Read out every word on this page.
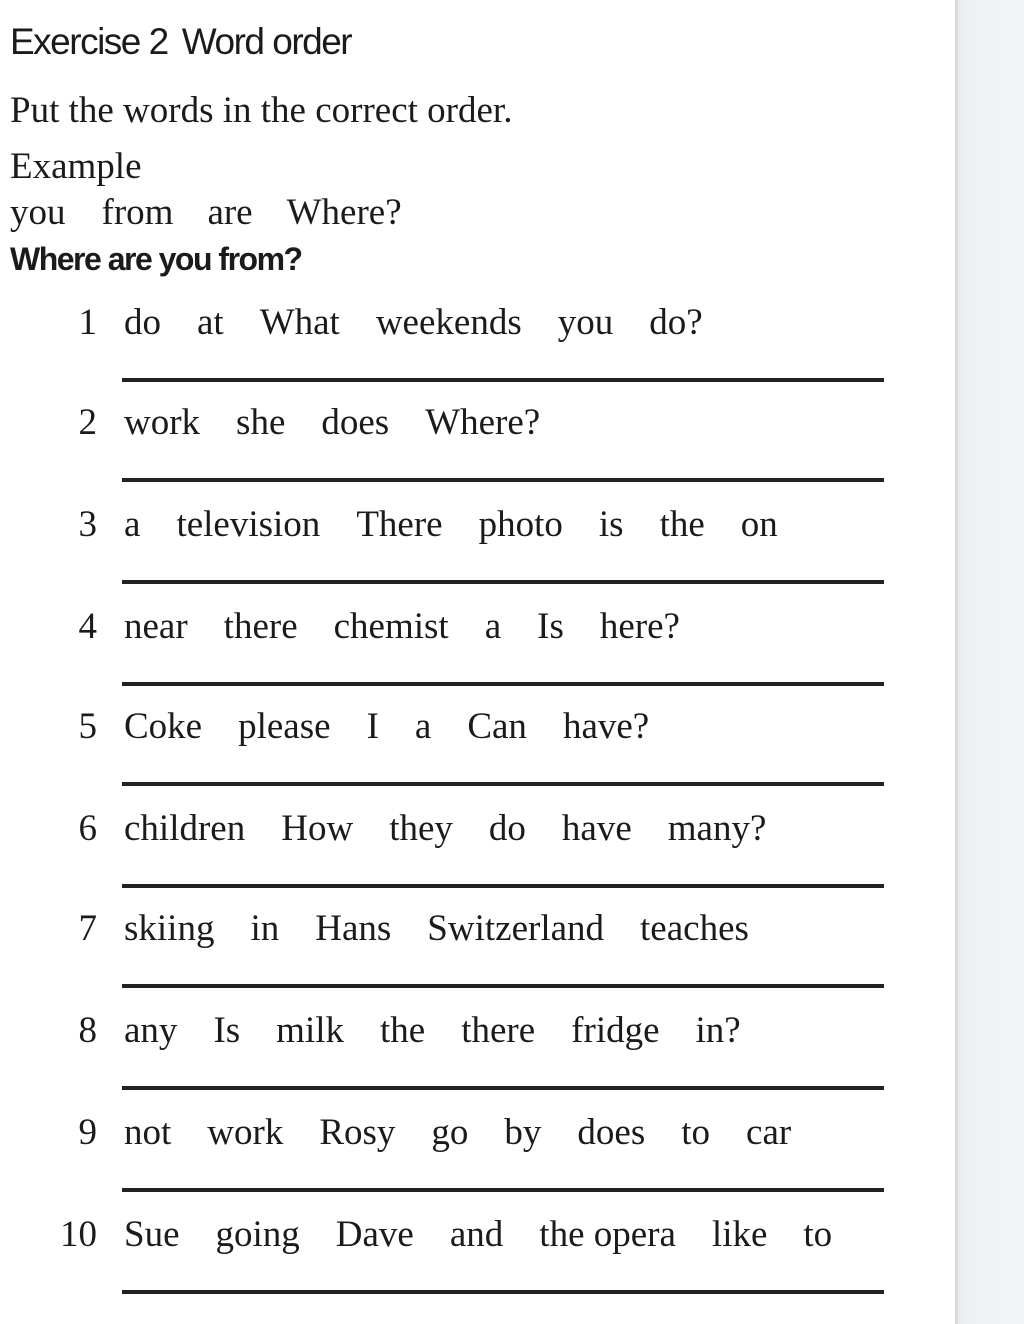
Exercise 2 Word order
Put the words in the correct order.
Example
you from are Where?
Where are you from?
1 do at What weekends you do?
2 work she does Where?
3 a television There photo is the on
4 near there chemist a Is here?
5 Coke please I a Can have?
6 children How they do have many?
7 skiing in Hans Switzerland teaches
8 any Is milk the there fridge in?
9 not work Rosy go by does to car
10 Sue going Dave and the opera like to
